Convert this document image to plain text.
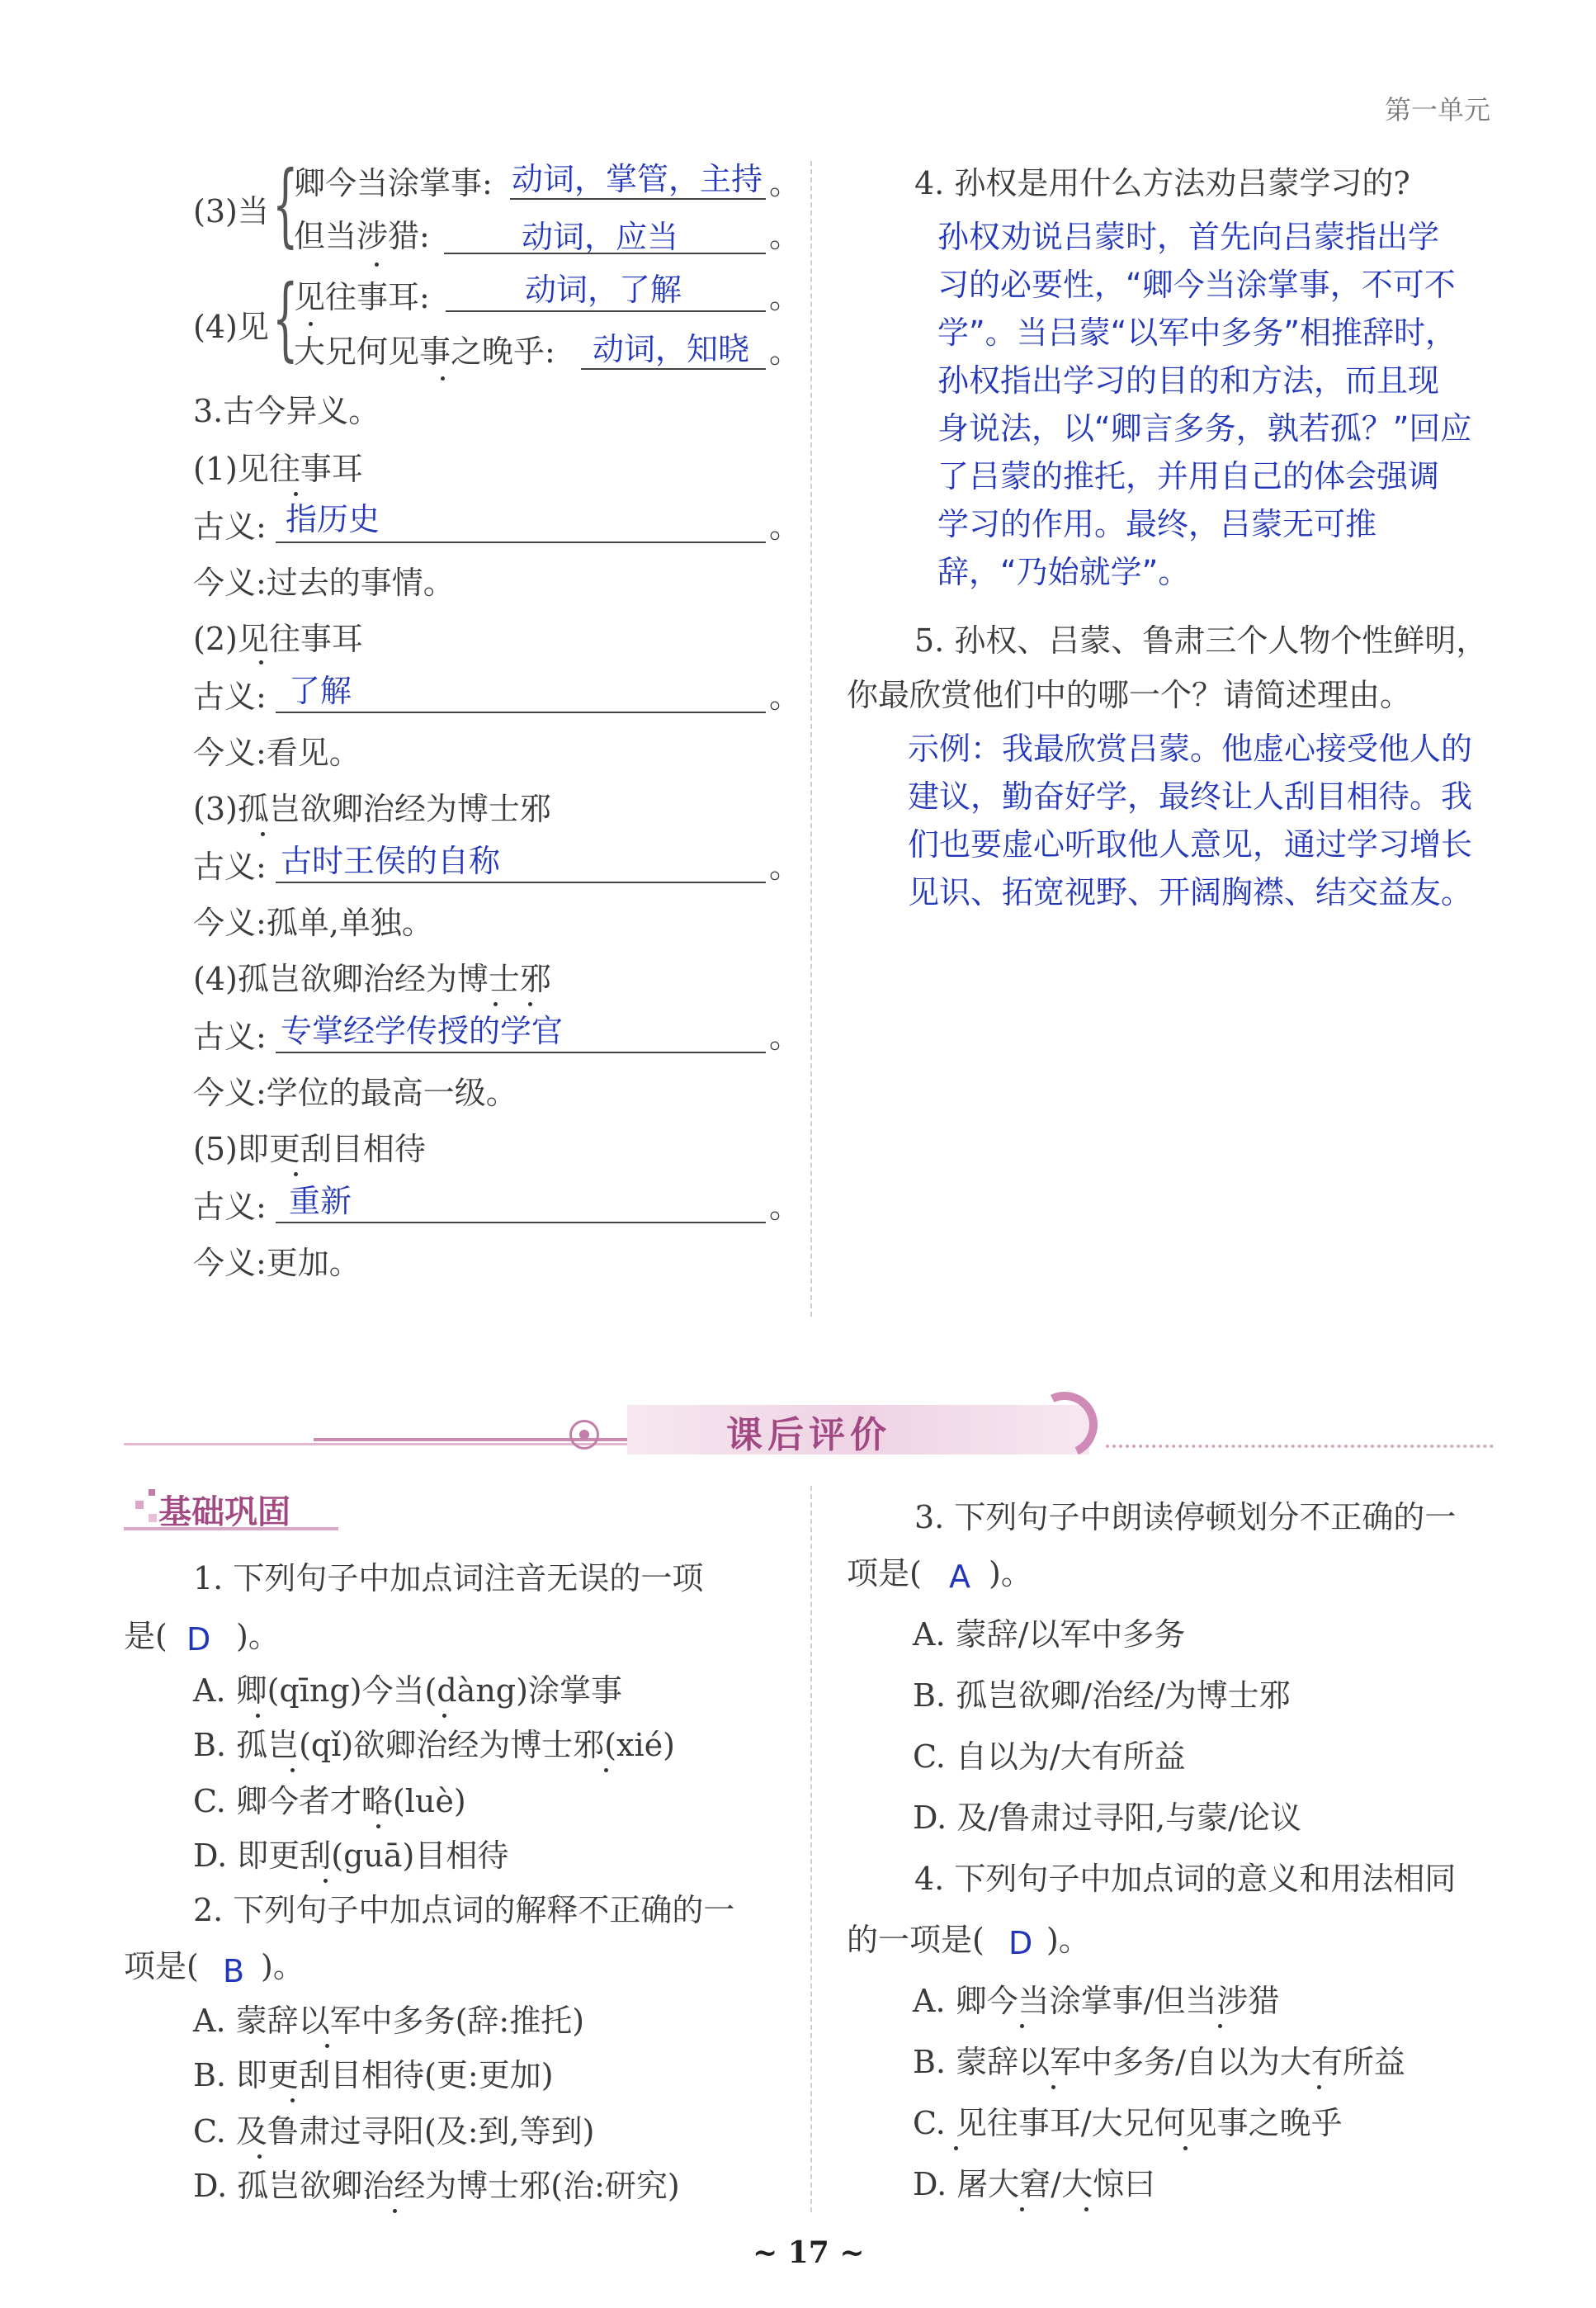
第一单元
(3)当 {
卿今当涂掌事: 动词，掌管，主持 。
但当涉猎:	动词，应当	。
(4)见 {
见往事耳:	动词，了解	。
大兄何见事之晚乎: 动词，知晓 。
3.古今异义。
(1)见往事耳
古义: 指历史	。
今义:过去的事情。
(2)见往事耳
古义: 了解	。
今义:看见。
(3)孤岂欲卿治经为博士邪
古义: 古时王侯的自称	。
今义:孤单,单独。
(4)孤岂欲卿治经为博士邪
古义: 专掌经学传授的学官	。
今义:学位的最高一级。
(5)即更刮目相待
古义: 重新	。
今义:更加。
4. 孙权是用什么方法劝吕蒙学习的?
孙权劝说吕蒙时，首先向吕蒙指出学
习的必要性，“卿今当涂掌事，不可不
学”。当吕蒙“以军中多务”相推辞时，
孙权指出学习的目的和方法，而且现
身说法，以“卿言多务，孰若孤？”回应
了吕蒙的推托，并用自己的体会强调
学习的作用。最终，吕蒙无可推
辞，“乃始就学”。
5. 孙权、吕蒙、鲁肃三个人物个性鲜明，
你最欣赏他们中的哪一个？请简述理由。
示例：我最欣赏吕蒙。他虚心接受他人的
建议，勤奋好学，最终让人刮目相待。我
们也要虚心听取他人意见，通过学习增长
见识、拓宽视野、开阔胸襟、结交益友。
课后评价
基础巩固
1. 下列句子中加点词注音无误的一项
是( D )。
A. 卿(qīng)今当(dàng)涂掌事
B. 孤岂(qǐ)欲卿治经为博士邪(xié)
C. 卿今者才略(luè)
D. 即更刮(guā)目相待
2. 下列句子中加点词的解释不正确的一
项是( B )。
A. 蒙辞以军中多务(辞:推托)
B. 即更刮目相待(更:更加)
C. 及鲁肃过寻阳(及:到,等到)
D. 孤岂欲卿治经为博士邪(治:研究)
3. 下列句子中朗读停顿划分不正确的一
项是( A )。
A. 蒙辞/以军中多务
B. 孤岂欲卿/治经/为博士邪
C. 自以为/大有所益
D. 及/鲁肃过寻阳,与蒙/论议
4. 下列句子中加点词的意义和用法相同
的一项是( D )。
A. 卿今当涂掌事/但当涉猎
B. 蒙辞以军中多务/自以为大有所益
C. 见往事耳/大兄何见事之晚乎
D. 屠大窘/大惊曰
~ 17 ~
